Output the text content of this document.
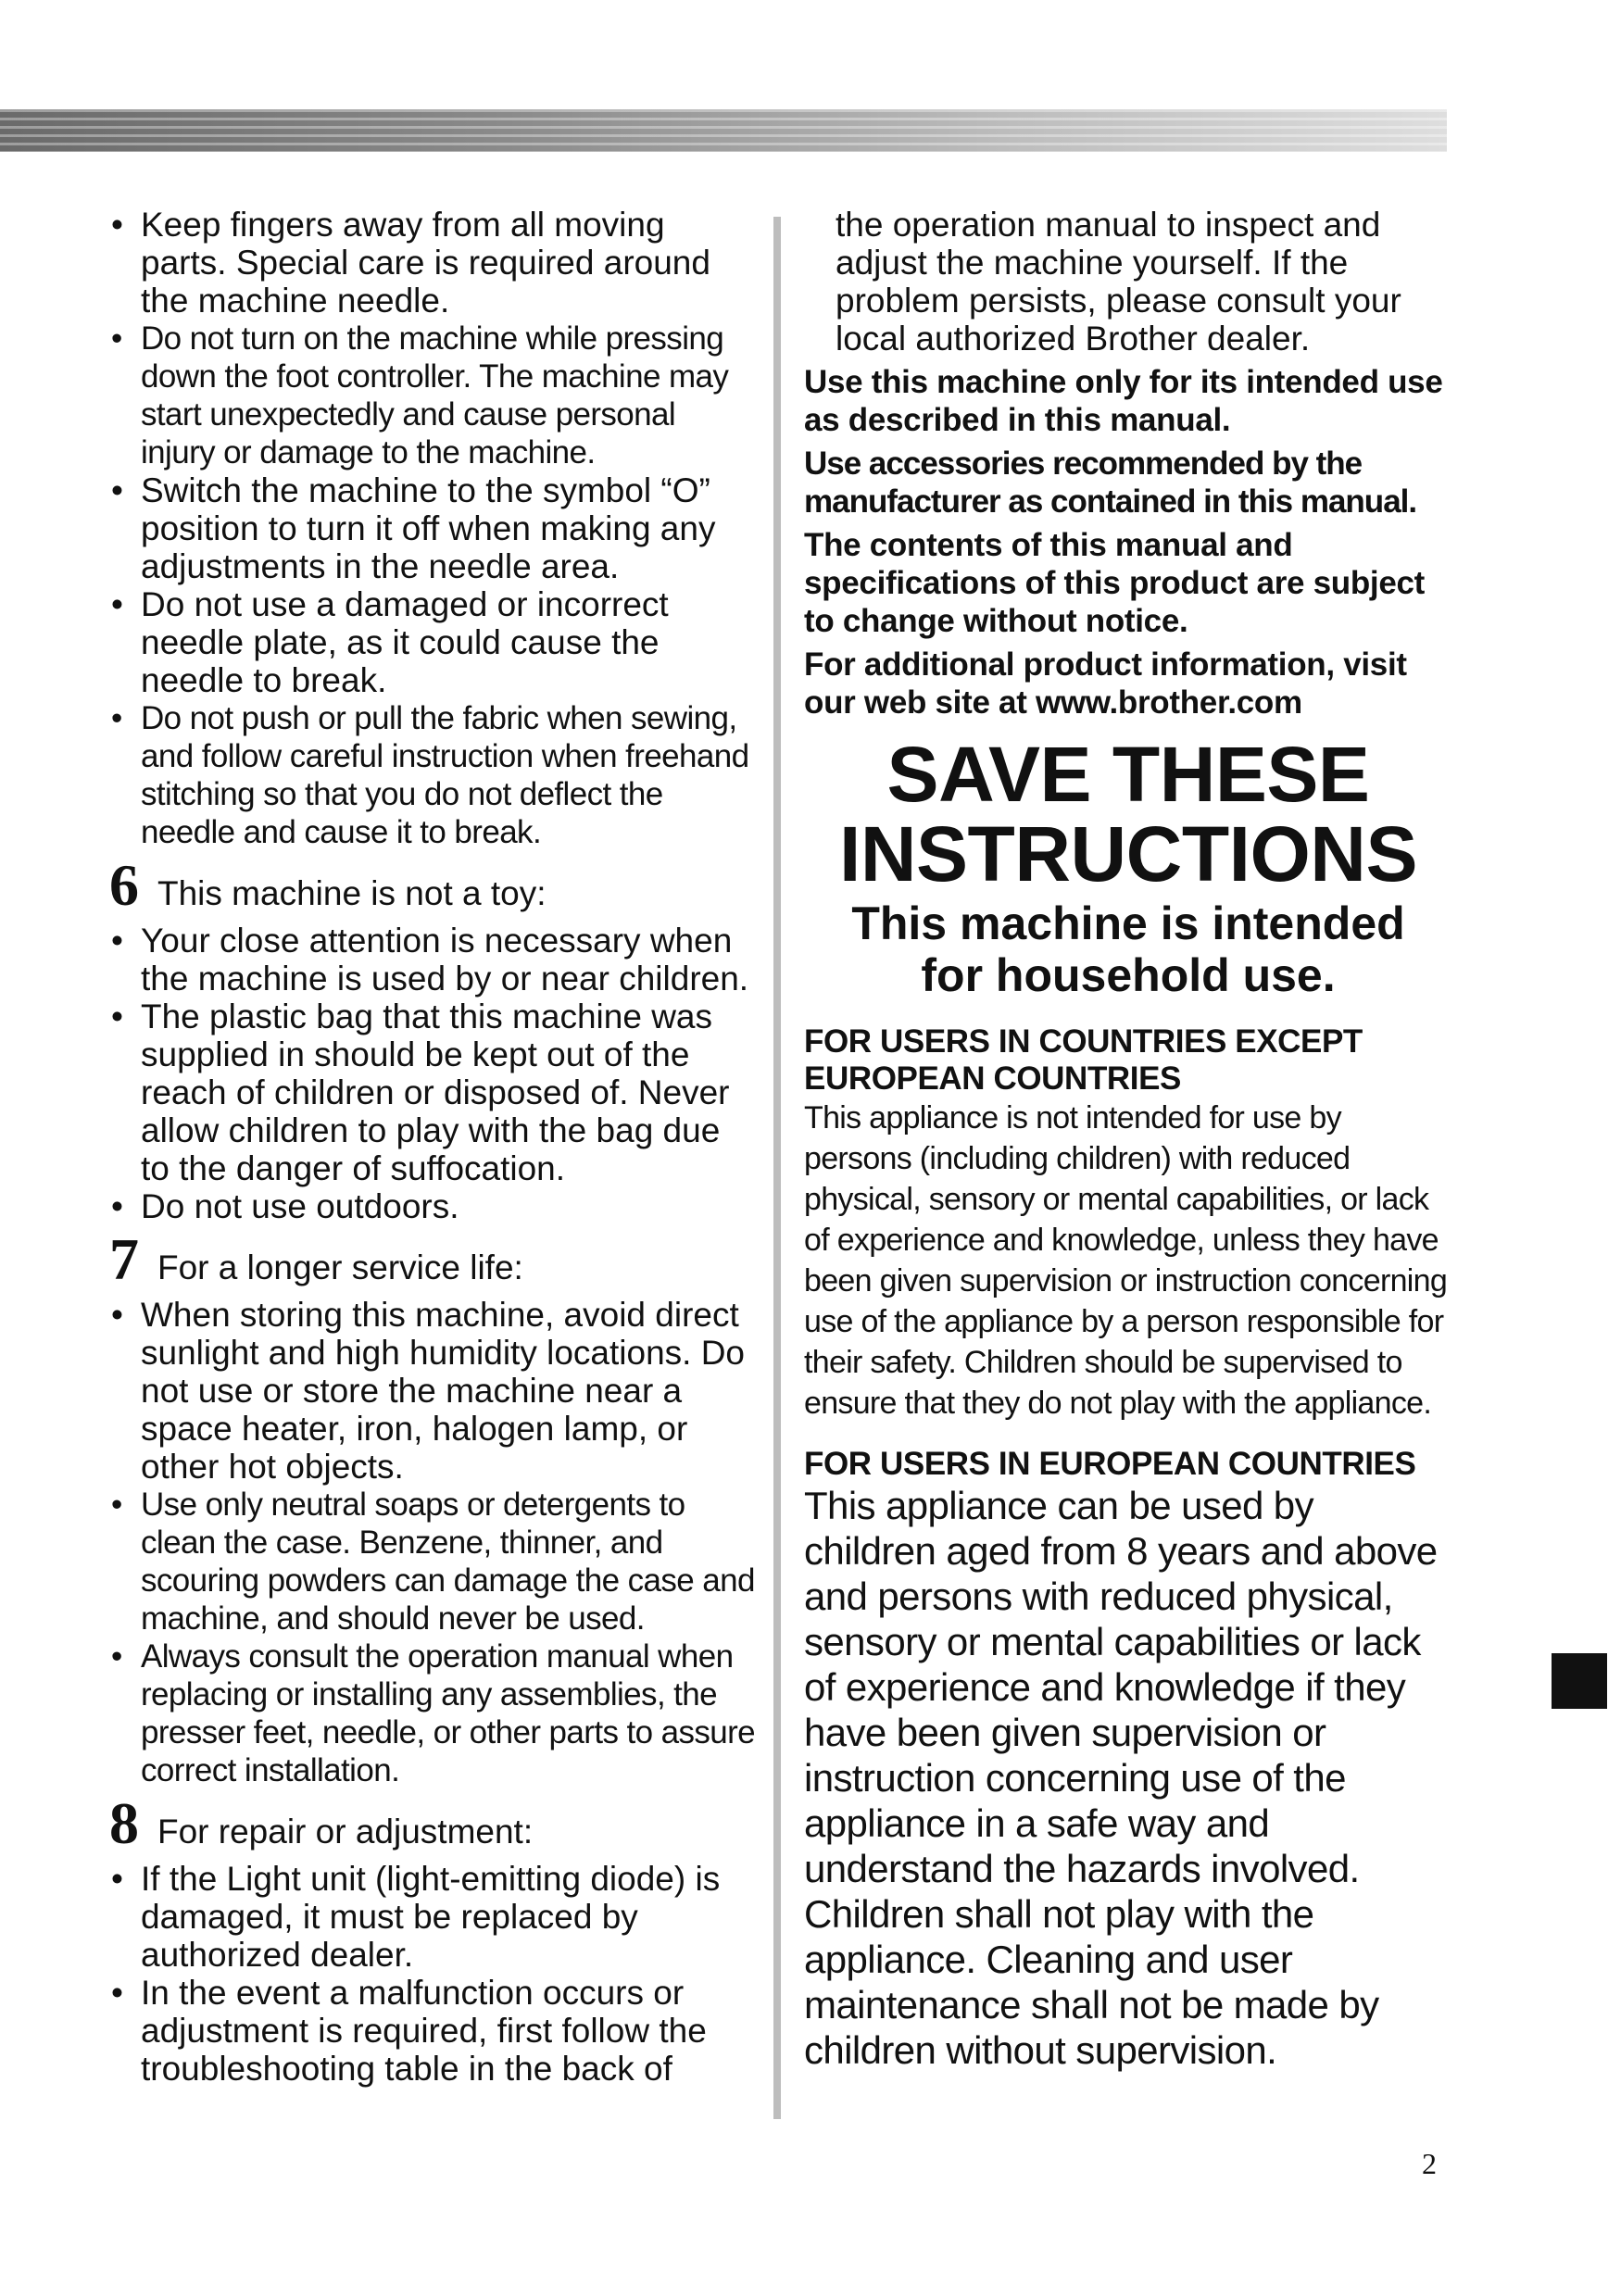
• Keep fingers away from all moving parts. Special care is required around the machine needle.
• Do not turn on the machine while pressing down the foot controller. The machine may start unexpectedly and cause personal injury or damage to the machine.
• Switch the machine to the symbol “O” position to turn it off when making any adjustments in the needle area.
• Do not use a damaged or incorrect needle plate, as it could cause the needle to break.
• Do not push or pull the fabric when sewing, and follow careful instruction when freehand stitching so that you do not deflect the needle and cause it to break.
6 This machine is not a toy:
• Your close attention is necessary when the machine is used by or near children.
• The plastic bag that this machine was supplied in should be kept out of the reach of children or disposed of. Never allow children to play with the bag due to the danger of suffocation.
• Do not use outdoors.
7 For a longer service life:
• When storing this machine, avoid direct sunlight and high humidity locations. Do not use or store the machine near a space heater, iron, halogen lamp, or other hot objects.
• Use only neutral soaps or detergents to clean the case. Benzene, thinner, and scouring powders can damage the case and machine, and should never be used.
• Always consult the operation manual when replacing or installing any assemblies, the presser feet, needle, or other parts to assure correct installation.
8 For repair or adjustment:
• If the Light unit (light-emitting diode) is damaged, it must be replaced by authorized dealer.
• In the event a malfunction occurs or adjustment is required, first follow the troubleshooting table in the back of
the operation manual to inspect and adjust the machine yourself. If the problem persists, please consult your local authorized Brother dealer.
Use this machine only for its intended use as described in this manual.
Use accessories recommended by the manufacturer as contained in this manual.
The contents of this manual and specifications of this product are subject to change without notice.
For additional product information, visit our web site at www.brother.com
SAVE THESE
INSTRUCTIONS
This machine is intended
for household use.
FOR USERS IN COUNTRIES EXCEPT EUROPEAN COUNTRIES
This appliance is not intended for use by persons (including children) with reduced physical, sensory or mental capabilities, or lack of experience and knowledge, unless they have been given supervision or instruction concerning use of the appliance by a person responsible for their safety. Children should be supervised to ensure that they do not play with the appliance.
FOR USERS IN EUROPEAN COUNTRIES
This appliance can be used by children aged from 8 years and above and persons with reduced physical, sensory or mental capabilities or lack of experience and knowledge if they have been given supervision or instruction concerning use of the appliance in a safe way and understand the hazards involved. Children shall not play with the appliance. Cleaning and user maintenance shall not be made by children without supervision.
2
